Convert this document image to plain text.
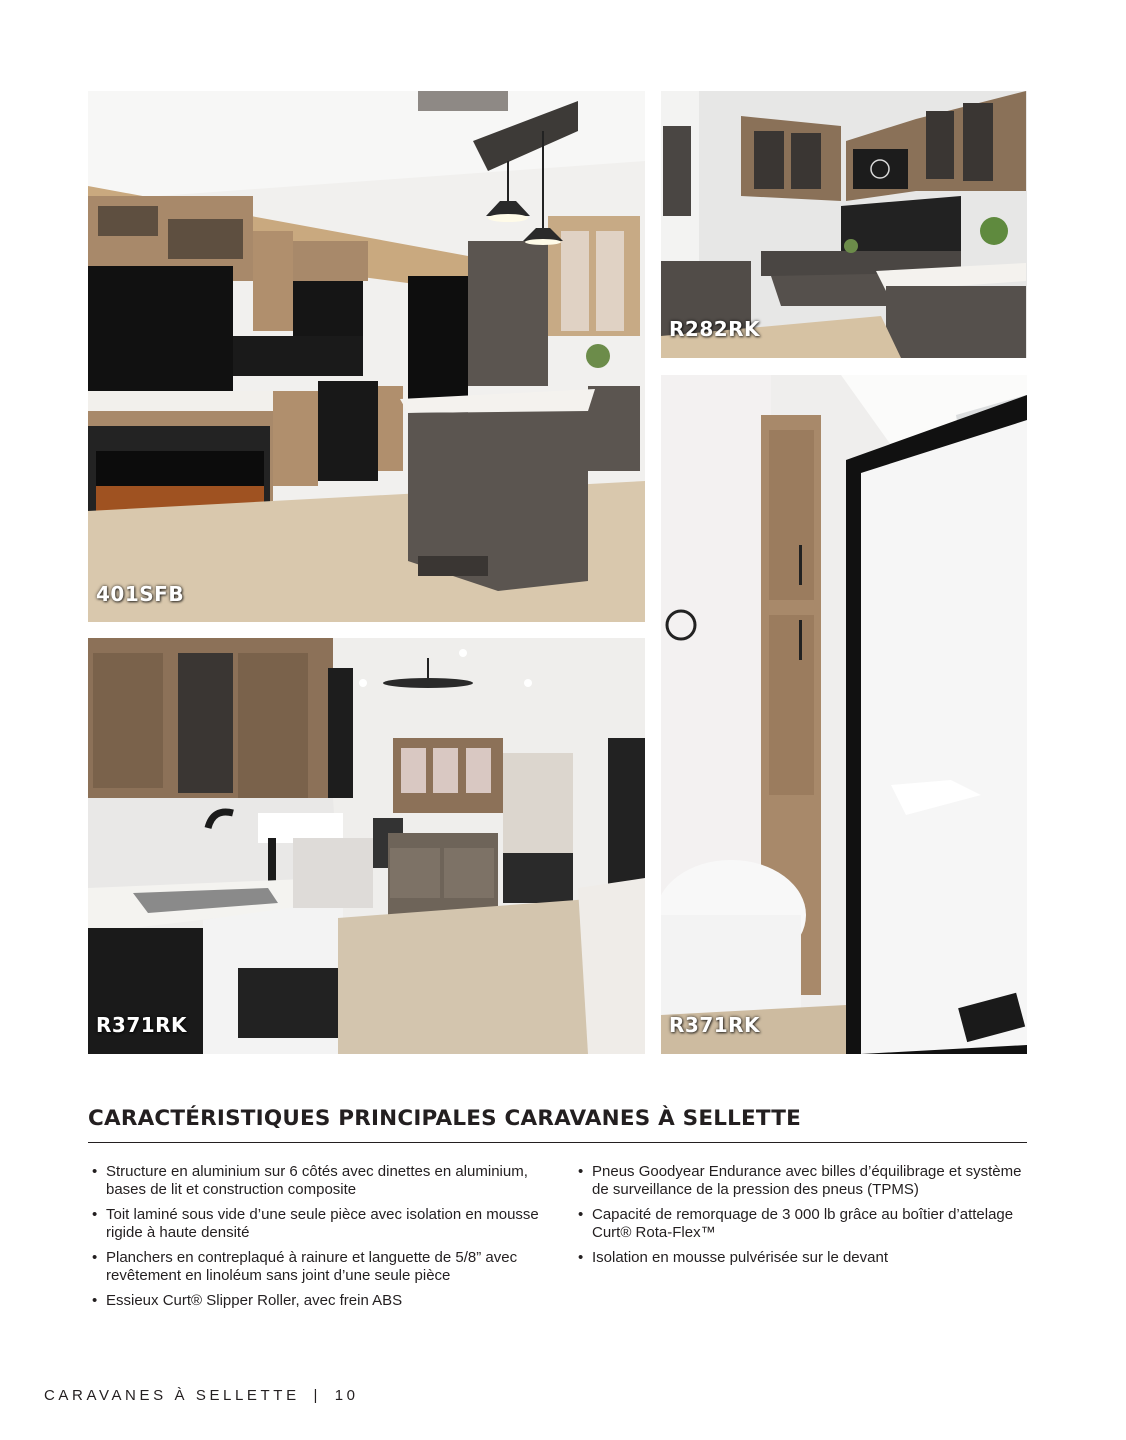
401SFB
R282RK
R371RK
R371RK
CARACTÉRISTIQUES PRINCIPALES CARAVANES À SELLETTE
• Structure en aluminium sur 6 côtés avec dinettes en aluminium, bases de lit et construction composite
• Toit laminé sous vide d’une seule pièce avec isolation en mousse rigide à haute densité
• Planchers en contreplaqué à rainure et languette de 5/8” avec revêtement en linoléum sans joint d’une seule pièce
• Essieux Curt® Slipper Roller, avec frein ABS
• Pneus Goodyear Endurance avec billes d’équilibrage et système de surveillance de la pression des pneus (TPMS)
• Capacité de remorquage de 3 000 lb grâce au boîtier d’attelage Curt® Rota-Flex™
• Isolation en mousse pulvérisée sur le devant
CARAVANES À SELLETTE | 10
